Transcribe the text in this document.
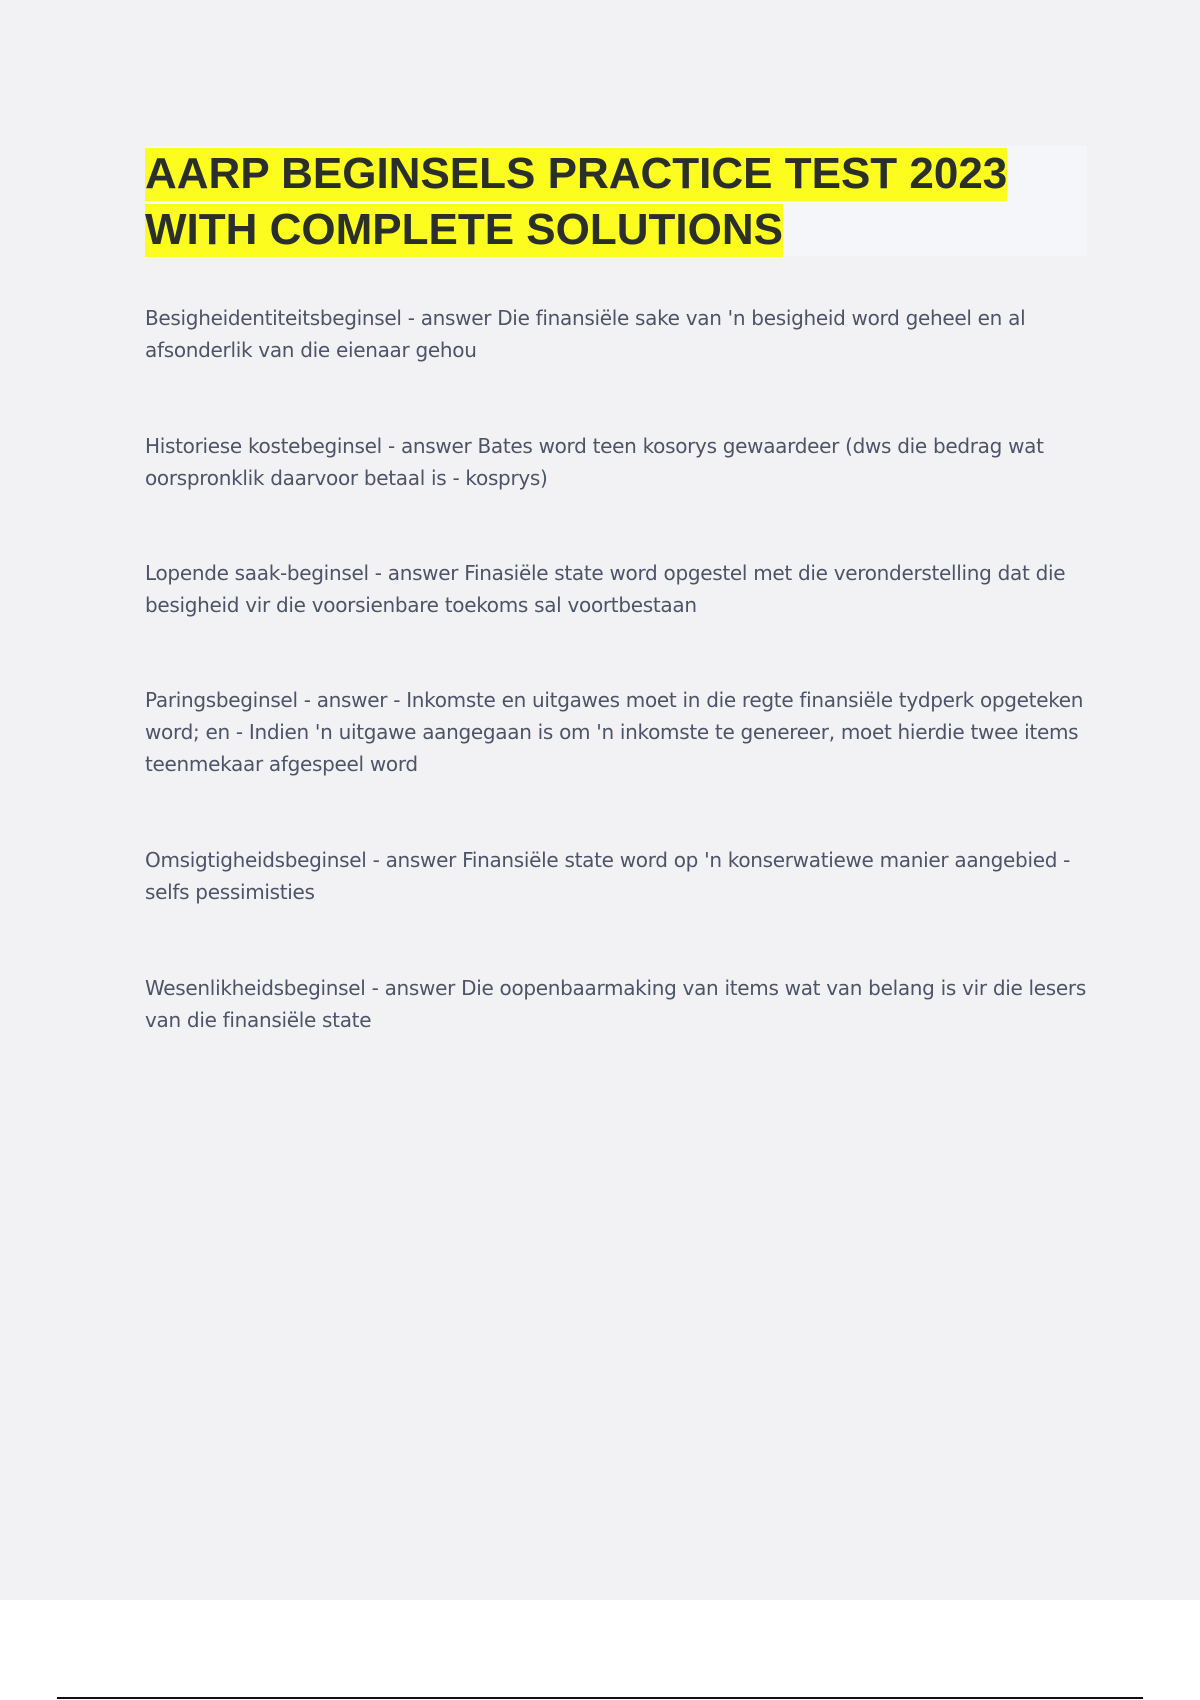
AARP BEGINSELS PRACTICE TEST 2023 WITH COMPLETE SOLUTIONS

Besigheidentiteitsbeginsel - answer Die finansiële sake van 'n besigheid word geheel en al afsonderlik van die eienaar gehou

Historiese kostebeginsel - answer Bates word teen kosorys gewaardeer (dws die bedrag wat oorspronklik daarvoor betaal is - kosprys)

Lopende saak-beginsel - answer Finasiële state word opgestel met die veronderstelling dat die besigheid vir die voorsienbare toekoms sal voortbestaan

Paringsbeginsel - answer - Inkomste en uitgawes moet in die regte finansiële tydperk opgeteken word; en - Indien 'n uitgawe aangegaan is om 'n inkomste te genereer, moet hierdie twee items teenmekaar afgespeel word

Omsigtigheidsbeginsel - answer Finansiële state word op 'n konserwatiewe manier aangebied - selfs pessimisties

Wesenlikheidsbeginsel - answer Die oopenbaarmaking van items wat van belang is vir die lesers van die finansiële state
